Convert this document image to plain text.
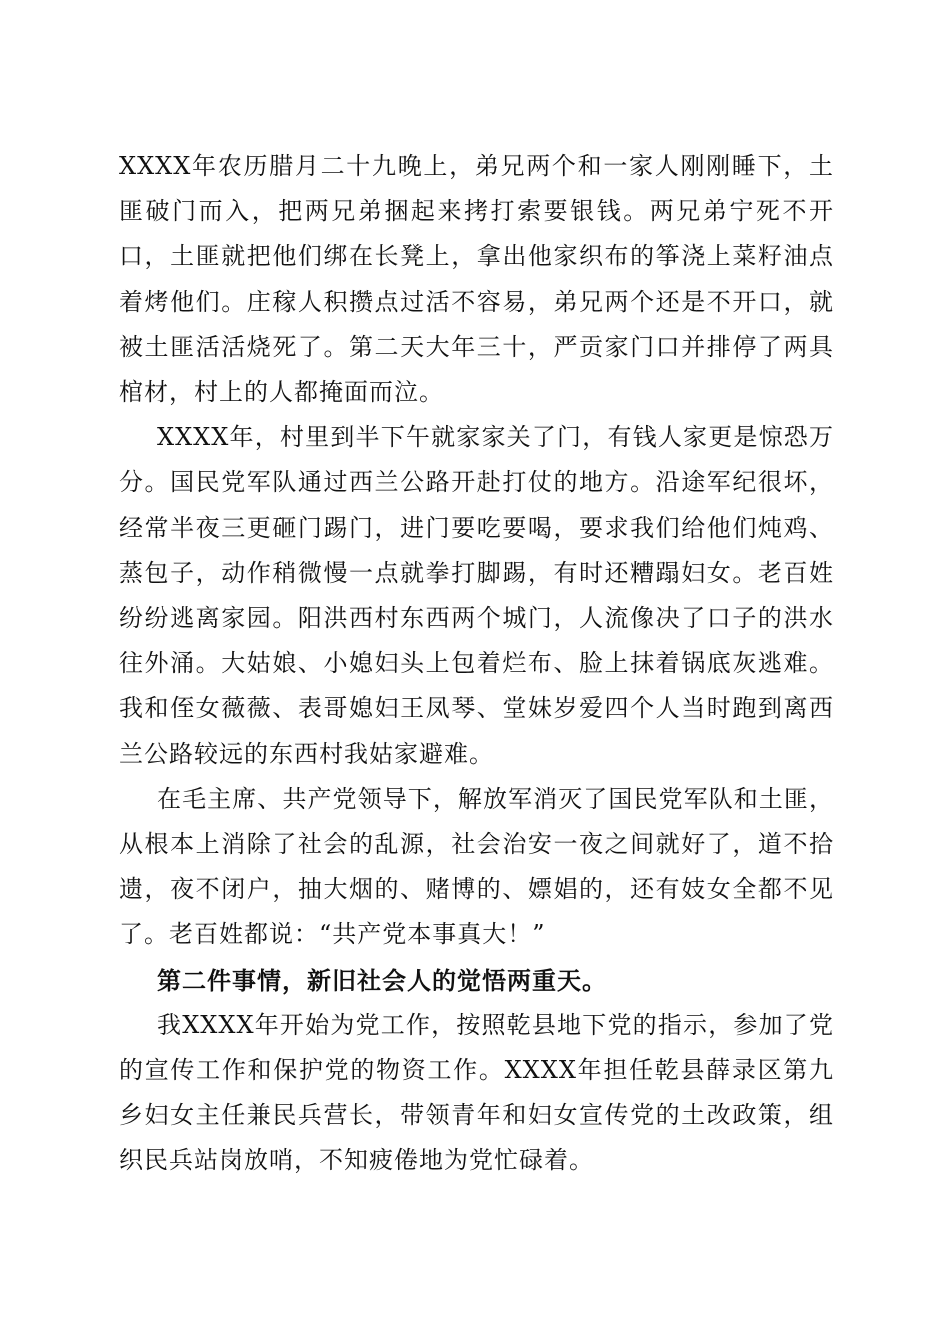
XXXX年农历腊月二十九晚上，弟兄两个和一家人刚刚睡下，土匪破门而入，把两兄弟捆起来拷打索要银钱。两兄弟宁死不开口，土匪就把他们绑在长凳上，拿出他家织布的筝浇上菜籽油点着烤他们。庄稼人积攒点过活不容易，弟兄两个还是不开口，就被土匪活活烧死了。第二天大年三十，严贡家门口并排停了两具棺材，村上的人都掩面而泣。

XXXX年，村里到半下午就家家关了门，有钱人家更是惊恐万分。国民党军队通过西兰公路开赴打仗的地方。沿途军纪很坏，经常半夜三更砸门踢门，进门要吃要喝，要求我们给他们炖鸡、蒸包子，动作稍微慢一点就拳打脚踢，有时还糟蹋妇女。老百姓纷纷逃离家园。阳洪西村东西两个城门，人流像决了口子的洪水往外涌。大姑娘、小媳妇头上包着烂布、脸上抹着锅底灰逃难。我和侄女薇薇、表哥媳妇王凤琴、堂妹岁爱四个人当时跑到离西兰公路较远的东西村我姑家避难。

在毛主席、共产党领导下，解放军消灭了国民党军队和土匪，从根本上消除了社会的乱源，社会治安一夜之间就好了，道不拾遗，夜不闭户，抽大烟的、赌博的、嫖娼的，还有妓女全都不见了。老百姓都说：“共产党本事真大！”

第二件事情，新旧社会人的觉悟两重天。

我XXXX年开始为党工作，按照乾县地下党的指示，参加了党的宣传工作和保护党的物资工作。XXXX年担任乾县薛录区第九乡妇女主任兼民兵营长，带领青年和妇女宣传党的土改政策，组织民兵站岗放哨，不知疲倦地为党忙碌着。
